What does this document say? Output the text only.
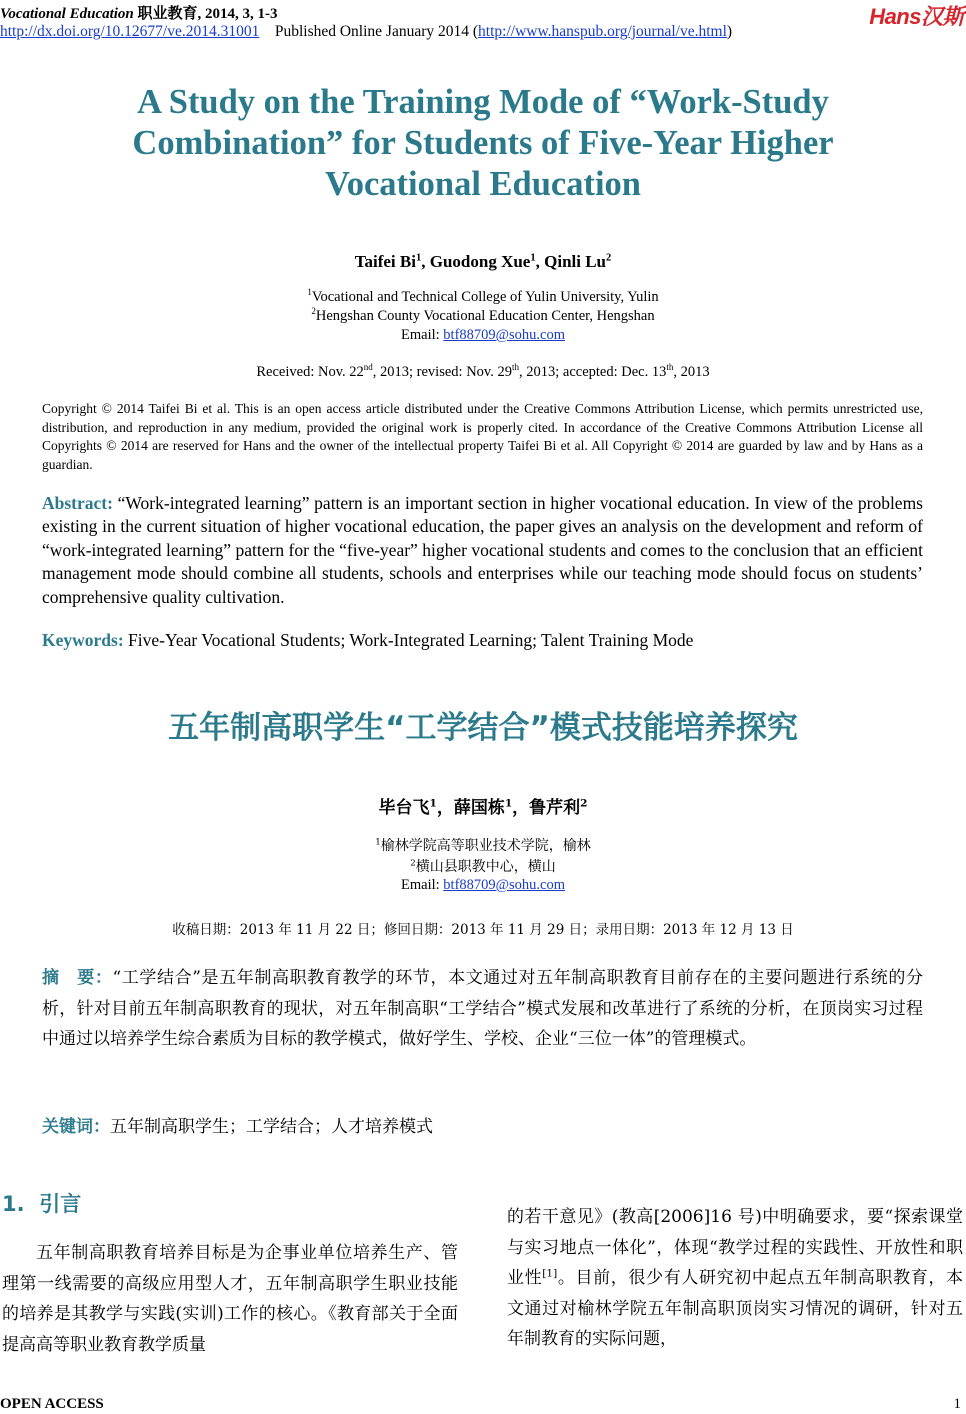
Vocational Education 职业教育, 2014, 3, 1-3
http://dx.doi.org/10.12677/ve.2014.31001 Published Online January 2014 (http://www.hanspub.org/journal/ve.html)
Hans汉斯
A Study on the Training Mode of “Work-Study Combination” for Students of Five-Year Higher Vocational Education
Taifei Bi$^1$, Guodong Xue$^1$, Qinli Lu$^2$
$^1$Vocational and Technical College of Yulin University, Yulin
$^2$Hengshan County Vocational Education Center, Hengshan
Email: btf88709@sohu.com
Received: Nov. 22nd, 2013; revised: Nov. 29th, 2013; accepted: Dec. 13th, 2013
Copyright © 2014 Taifei Bi et al. This is an open access article distributed under the Creative Commons Attribution License, which permits unrestricted use, distribution, and reproduction in any medium, provided the original work is properly cited. In accordance of the Creative Commons Attribution License all Copyrights © 2014 are reserved for Hans and the owner of the intellectual property Taifei Bi et al. All Copyright © 2014 are guarded by law and by Hans as a guardian.
Abstract: “Work-integrated learning” pattern is an important section in higher vocational education. In view of the problems existing in the current situation of higher vocational education, the paper gives an analysis on the development and reform of “work-integrated learning” pattern for the “five-year” higher vocational students and comes to the conclusion that an efficient management mode should combine all students, schools and enterprises while our teaching mode should focus on students’ comprehensive quality cultivation.
Keywords: Five-Year Vocational Students; Work-Integrated Learning; Talent Training Mode
五年制高职学生“工学结合”模式技能培养探究
毕台飞$^1$，薛国栋$^1$，鲁芹利$^2$
$^1$榆林学院高等职业技术学院，榆林
$^2$横山县职教中心，横山
Email: btf88709@sohu.com
收稿日期：2013 年 11 月 22 日；修回日期：2013 年 11 月 29 日；录用日期：2013 年 12 月 13 日
摘　要：“工学结合”是五年制高职教育教学的环节，本文通过对五年制高职教育目前存在的主要问题进行系统的分析，针对目前五年制高职教育的现状，对五年制高职“工学结合”模式发展和改革进行了系统的分析，在顶岗实习过程中通过以培养学生综合素质为目标的教学模式，做好学生、学校、企业“三位一体”的管理模式。
关键词：五年制高职学生；工学结合；人才培养模式
1. 引言
五年制高职教育培养目标是为企事业单位培养生产、管理第一线需要的高级应用型人才，五年制高职学生职业技能的培养是其教学与实践(实训)工作的核心。《教育部关于全面提高高等职业教育教学质量
的若干意见》(教高[2006]16 号)中明确要求，要“探索课堂与实习地点一体化”，体现“教学过程的实践性、开放性和职业性[1]。目前，很少有人研究初中起点五年制高职教育，本文通过对榆林学院五年制高职顶岗实习情况的调研，针对五年制教育的实际问题，
OPEN ACCESS	1
